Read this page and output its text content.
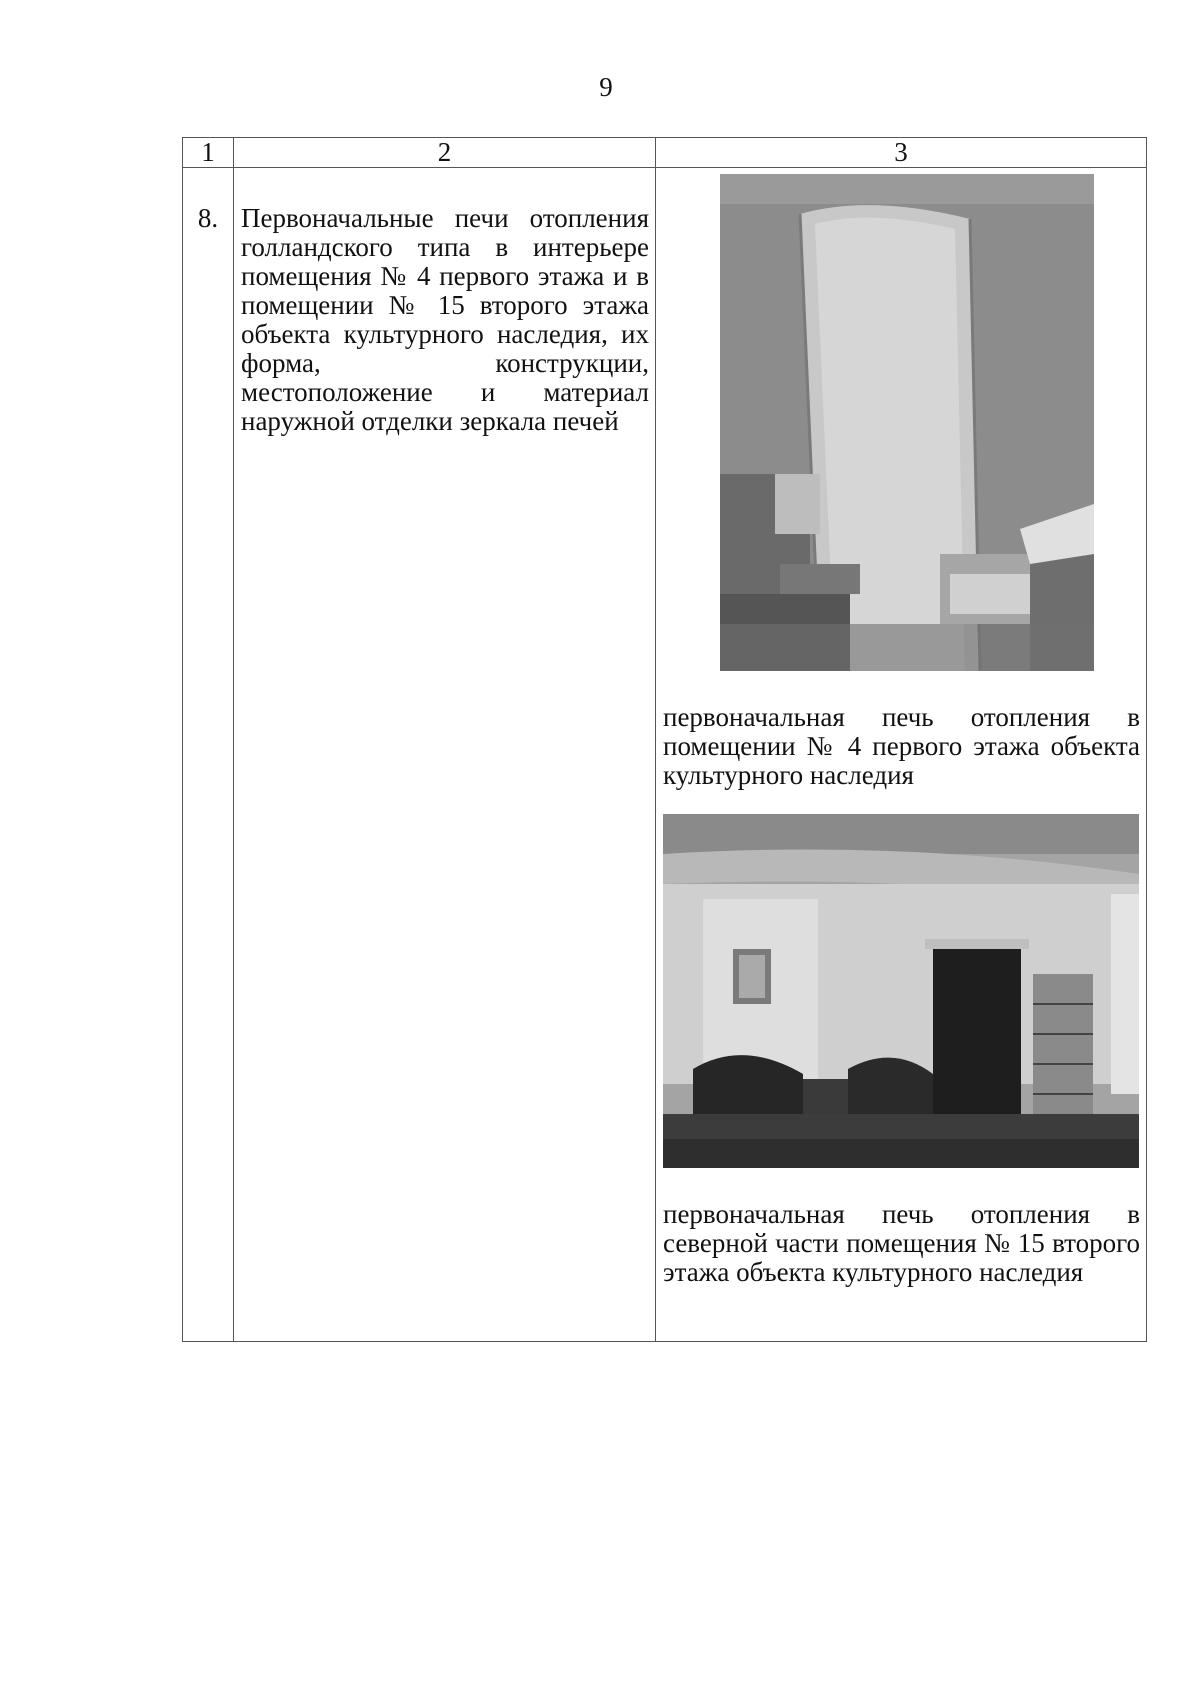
9
1	2	3
8.	Первоначальные печи отопления голландского типа в интерьере помещения № 4 первого этажа и в помещении № 15 второго этажа объекта культурного наследия, их форма, конструкции, местоположение и материал наружной отделки зеркала печей	первоначальная печь отопления в помещении № 4 первого этажа объекта культурного наследия

первоначальная печь отопления в северной части помещения № 15 второго этажа объекта культурного наследия
